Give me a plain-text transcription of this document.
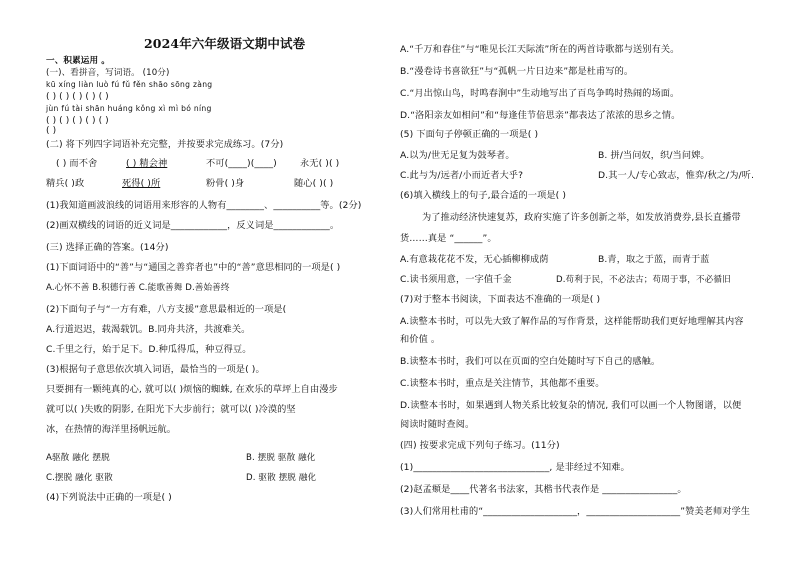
2024年六年级语文期中试卷
一、积累运用 。
(一)、看拼音，写词语。 (10分)
kū xíng liàn luò fú fǔ fěn shāo sōng zàng
( ) ( ) ( ) ( ) ( )
jùn fú tài shān huáng kǒng xì mì bó níng
( ) ( ) ( ) ( ) ( )
( )
(二) 将下列四字词语补充完整，并按要求完成练习。(7分)
( ) 而不舍	( ) 精会神	不可(____)(____)	永无( )( )
精兵( )政	死得( )所	粉骨( )身	随心( )( )
(1)我知道画波浪线的词语用来形容的人物有________、__________等。(2分)
(2)画双横线的词语的近义词是____________，反义词是____________。
(三) 选择正确的答案。(14分)
(1)下面词语中的“善”与“通国之善弈者也”中的“善”意思相同的一项是( )
A.心怀不善 B.积德行善 C.能歌善舞 D.善始善终
(2)下面句子与“一方有难，八方支援”意思最相近的一项是(
A.行道迟迟，载渴载饥。B.同舟共济，共渡难关。
C.千里之行，始于足下。D.种瓜得瓜，种豆得豆。
(3)根据句子意思依次填入词语，最恰当的一项是( )。
只要拥有一颗纯真的心, 就可以( )烦恼的蜘蛛, 在欢乐的草坪上自由漫步
就可以( )失败的阴影, 在阳光下大步前行；就可以( )冷漠的坚
冰，在热情的海洋里扬帆远航。
A驱散 融化 摆脱	B. 摆脱 驱散 融化
C.摆脱 融化 驱散	D. 驱散 摆脱 融化
(4)下列说法中正确的一项是( )
A.“千万和春住”与“唯见长江天际流”所在的两首诗歌都与送别有关。
B.“漫卷诗书喜欲狂”与“孤帆一片日边来”都是杜甫写的。
C.“月出惊山鸟，时鸣春涧中”生动地写出了百鸟争鸣时热闹的场面。
D.“洛阳亲友如相问”和“每逢佳节倍思亲”都表达了浓浓的思乡之情。
(5) 下面句子停顿正确的一项是( )
A.以为/世无足复为鼓琴者。	B. 拼/当问奴，织/当问婢。
C.此与为/远者/小而近者大乎?	D.其一人/专心致志，惟弈/秋之/为/听.
(6)填入横线上的句子,最合适的一项是( )
为了推动经济快速复苏，政府实施了许多创新之举，如发放消费券,县长直播带
货……真是 “______”。
A.有意栽花花不发，无心插柳柳成荫	B.青，取之于蓝，而青于蓝
C.读书须用意，一字值千金	D.苟利于民，不必法古；苟周于事，不必循旧
(7)对于整本书阅读，下面表达不准确的一项是( )
A.读整本书时，可以先大致了解作品的写作背景，这样能帮助我们更好地理解其内容
和价值 。
B.读整本书时，我们可以在页面的空白处随时写下自己的感触。
C.读整本书时，重点是关注情节，其他都不重要。
D.读整本书时，如果遇到人物关系比较复杂的情况, 我们可以画一个人物图谱，以便
阅读时随时查阅。
(四) 按要求完成下列句子练习。(11分)
(1)_____________________________, 是非经过不知难。
(2)赵孟頫是____代著名书法家，其楷书代表作是 ________________。
(3)人们常用杜甫的“____________________，____________________”赞美老师对学生
